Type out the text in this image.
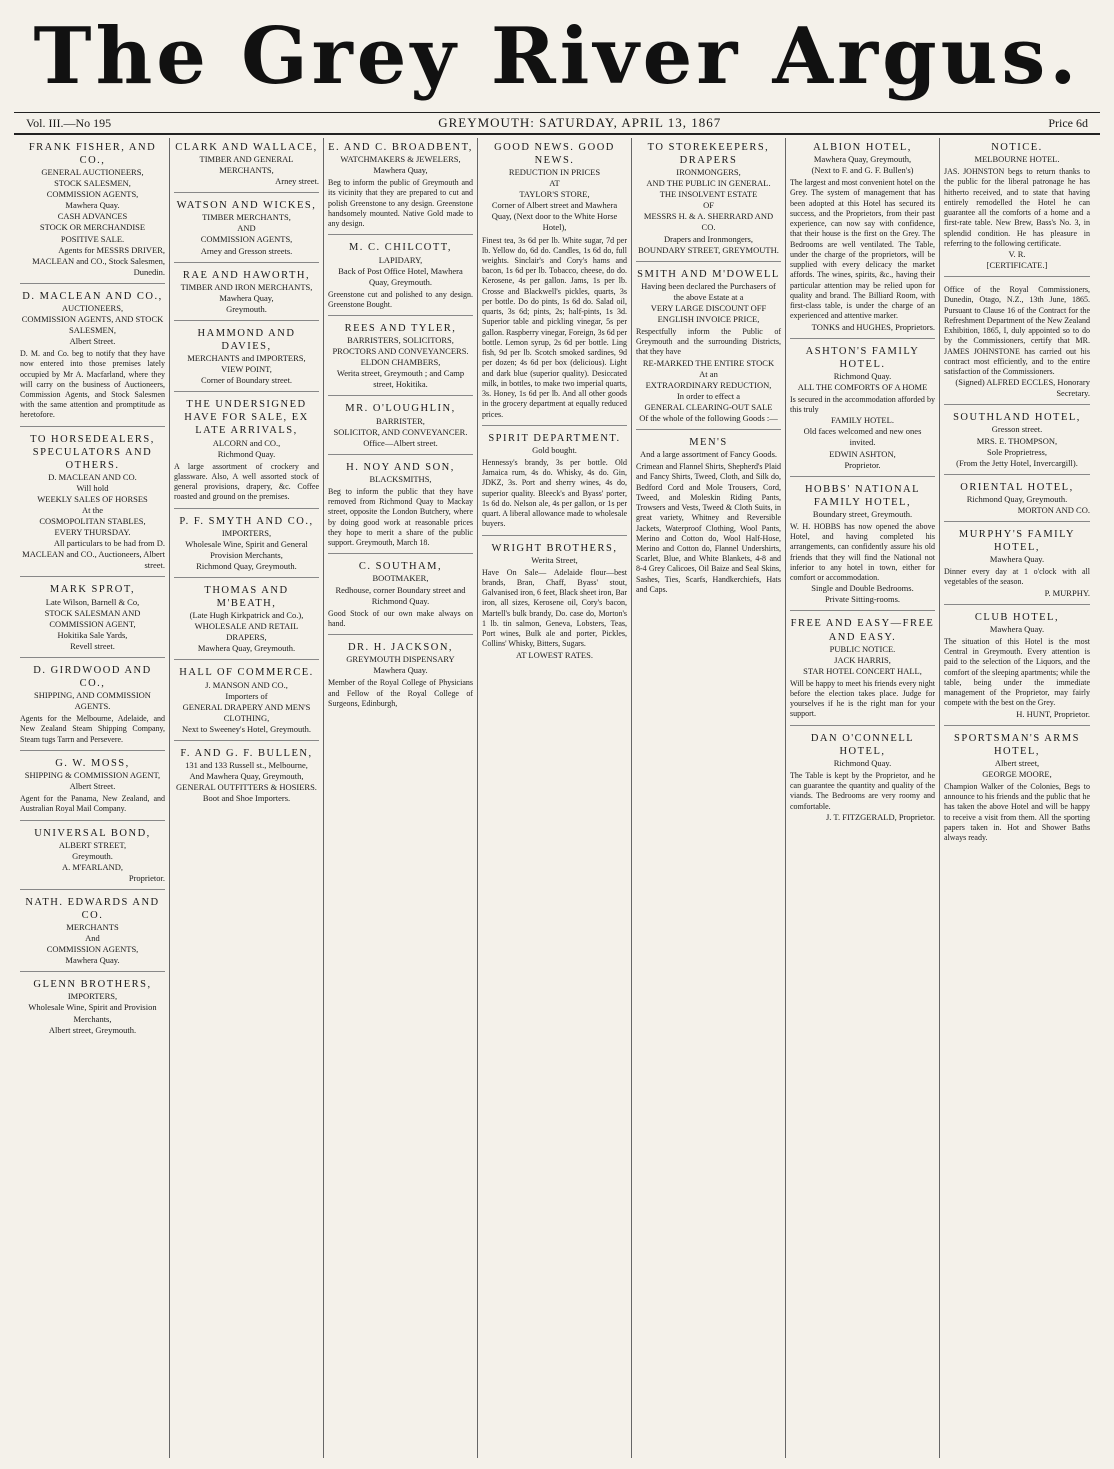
The Grey River Argus.
Vol. III.—No 195	GREYMOUTH: SATURDAY, APRIL 13, 1867	Price 6d
FRANK FISHER, AND CO.,
GENERAL AUCTIONEERS,
STOCK SALESMEN,
COMMISSION AGENTS,
Mawhera Quay.
CASH ADVANCES
STOCK OR MERCHANDISE
POSITIVE SALE.
Agents for MESSRS DRIVER, MACLEAN and CO., Stock Salesmen, Dunedin.
D. MACLEAN AND CO.,
AUCTIONEERS,
COMMISSION AGENTS, AND STOCK SALESMEN,
Albert Street.
D. M. and Co. beg to notify that they have now entered into those premises lately occupied by Mr A. Macfarland, where they will carry on the business of Auctioneers, Commission Agents, and Stock Salesmen with the same attention and promptitude as heretofore.
TO HORSEDEALERS, SPECULATORS AND OTHERS.
D. MACLEAN AND CO.
Will hold
WEEKLY SALES OF HORSES
At the
COSMOPOLITAN STABLES,
EVERY THURSDAY.
All particulars to be had from D. MACLEAN and CO., Auctioneers, Albert street.
MARK SPROT,
Late Wilson, Barnell & Co,
STOCK SALESMAN AND COMMISSION AGENT,
Hokitika Sale Yards,
Revell street.
D. GIRDWOOD AND CO.,
SHIPPING, AND COMMISSION AGENTS.
Agents for the Melbourne, Adelaide, and New Zealand Steam Shipping Company, Steam tugs Tarrn and Persevere.
G. W. MOSS,
SHIPPING & COMMISSION AGENT,
Albert Street.
Agent for the Panama, New Zealand, and Australian Royal Mail Company.
UNIVERSAL BOND,
ALBERT STREET,
Greymouth.
A. M'FARLAND,
Proprietor.
NATH. EDWARDS AND CO.
MERCHANTS
And
COMMISSION AGENTS,
Mawhera Quay.
GLENN BROTHERS,
IMPORTERS,
Wholesale Wine, Spirit and Provision Merchants,
Albert street, Greymouth.
CLARK AND WALLACE,
TIMBER AND GENERAL MERCHANTS,
Arney street.
WATSON AND WICKES,
TIMBER MERCHANTS,
AND
COMMISSION AGENTS,
Arney and Gresson streets.
RAE AND HAWORTH,
TIMBER AND IRON MERCHANTS,
Mawhera Quay,
Greymouth.
HAMMOND AND DAVIES,
MERCHANTS and IMPORTERS,
VIEW POINT,
Corner of Boundary street.
THE UNDERSIGNED HAVE FOR SALE, EX LATE ARRIVALS,
ALCORN and CO.,
Richmond Quay.
A large assortment of crockery and glassware. Also, A well assorted stock of general provisions, drapery, &c. Coffee roasted and ground on the premises.
P. F. SMYTH AND CO.,
IMPORTERS,
Wholesale Wine, Spirit and General Provision Merchants,
Richmond Quay, Greymouth.
THOMAS AND M'BEATH,
(Late Hugh Kirkpatrick and Co.),
WHOLESALE AND RETAIL DRAPERS,
Mawhera Quay, Greymouth.
HALL OF COMMERCE.
J. MANSON AND CO.,
Importers of
GENERAL DRAPERY AND MEN'S CLOTHING,
Next to Sweeney's Hotel, Greymouth.
F. AND G. F. BULLEN,
131 and 133 Russell st., Melbourne,
And Mawhera Quay, Greymouth,
GENERAL OUTFITTERS & HOSIERS.
Boot and Shoe Importers.
E. AND C. BROADBENT,
WATCHMAKERS & JEWELERS,
Mawhera Quay,
Beg to inform the public of Greymouth and its vicinity that they are prepared to cut and polish Greenstone to any design. Greenstone handsomely mounted. Native Gold made to any design.
M. C. CHILCOTT,
LAPIDARY,
Back of Post Office Hotel, Mawhera Quay, Greymouth.
Greenstone cut and polished to any design. Greenstone Bought.
REES AND TYLER,
BARRISTERS, SOLICITORS, PROCTORS AND CONVEYANCERS.
ELDON CHAMBERS,
Werita street, Greymouth ; and Camp street, Hokitika.
MR. O'LOUGHLIN,
BARRISTER,
SOLICITOR, AND CONVEYANCER.
Office—Albert street.
H. NOY AND SON,
BLACKSMITHS,
Beg to inform the public that they have removed from Richmond Quay to Mackay street, opposite the London Butchery, where by doing good work at reasonable prices they hope to merit a share of the public support. Greymouth, March 18.
C. SOUTHAM,
BOOTMAKER,
Redhouse, corner Boundary street and Richmond Quay.
Good Stock of our own make always on hand.
DR. H. JACKSON,
GREYMOUTH DISPENSARY
Mawhera Quay.
Member of the Royal College of Physicians and Fellow of the Royal College of Surgeons, Edinburgh,
GOOD NEWS. GOOD NEWS.
REDUCTION IN PRICES
AT
TAYLOR'S STORE,
Corner of Albert street and Mawhera Quay, (Next door to the White Horse Hotel),
Finest tea, 3s 6d per lb. White sugar, 7d per lb. Yellow do, 6d do. Candles, 1s 6d do, full weights. Sinclair's and Cory's hams and bacon, 1s 6d per lb. Tobacco, cheese, do do. Kerosene, 4s per gallon. Jams, 1s per lb. Crosse and Blackwell's pickles, quarts, 3s per bottle. Do do pints, 1s 6d do. Salad oil, quarts, 3s 6d; pints, 2s; half-pints, 1s 3d. Superior table and pickling vinegar, 5s per gallon. Raspberry vinegar, Foreign, 3s 6d per bottle. Lemon syrup, 2s 6d per bottle. Ling fish, 9d per lb. Scotch smoked sardines, 9d per dozen; 4s 6d per box (delicious). Light and dark blue (superior quality). Desiccated milk, in bottles, to make two imperial quarts, 3s. Honey, 1s 6d per lb. And all other goods in the grocery department at equally reduced prices.
SPIRIT DEPARTMENT.
Gold bought.
Hennessy's brandy, 3s per bottle. Old Jamaica rum, 4s do. Whisky, 4s do. Gin, JDKZ, 3s. Port and sherry wines, 4s do, superior quality. Bleeck's and Byass' porter, 1s 6d do. Nelson ale, 4s per gallon, or 1s per quart. A liberal allowance made to wholesale buyers.
WRIGHT BROTHERS,
Werita Street,
Have On Sale— Adelaide flour—best brands, Bran, Chaff, Byass' stout, Galvanised iron, 6 feet, Black sheet iron, Bar iron, all sizes, Kerosene oil, Cory's bacon, Martell's bulk brandy, Do. case do, Morton's 1 lb. tin salmon, Geneva, Lobsters, Teas, Port wines, Bulk ale and porter, Pickles, Collins' Whisky, Bitters, Sugars.
AT LOWEST RATES.
TO STOREKEEPERS, DRAPERS
IRONMONGERS,
AND THE PUBLIC IN GENERAL.
THE INSOLVENT ESTATE
OF
MESSRS H. & A. SHERRARD AND CO.
Drapers and Ironmongers,
BOUNDARY STREET, GREYMOUTH.
SMITH AND M'DOWELL
Having been declared the Purchasers of the above Estate at a
VERY LARGE DISCOUNT OFF
ENGLISH INVOICE PRICE,
Respectfully inform the Public of Greymouth and the surrounding Districts, that they have
RE-MARKED THE ENTIRE STOCK
At an
EXTRAORDINARY REDUCTION,
In order to effect a
GENERAL CLEARING-OUT SALE
Of the whole of the following Goods :—
MEN'S
And a large assortment of Fancy Goods.
Crimean and Flannel Shirts, Shepherd's Plaid and Fancy Shirts, Tweed, Cloth, and Silk do, Bedford Cord and Mole Trousers, Cord, Tweed, and Moleskin Riding Pants, Trowsers and Vests, Tweed & Cloth Suits, in great variety, Whitney and Reversible Jackets, Waterproof Clothing, Wool Pants, Merino and Cotton do, Wool Half-Hose, Merino and Cotton do, Flannel Undershirts, Scarlet, Blue, and White Blankets, 4-8 and 8-4 Grey Calicoes, Oil Baize and Seal Skins, Sashes, Ties, Scarfs, Handkerchiefs, Hats and Caps.
ALBION HOTEL,
Mawhera Quay, Greymouth,
(Next to F. and G. F. Bullen's)
The largest and most convenient hotel on the Grey. The system of management that has been adopted at this Hotel has secured its success, and the Proprietors, from their past experience, can now say with confidence, that their house is the first on the Grey. The Bedrooms are well ventilated. The Table, under the charge of the proprietors, will be supplied with every delicacy the market affords. The wines, spirits, &c., having their particular attention may be relied upon for quality and brand. The Billiard Room, with first-class table, is under the charge of an experienced and attentive marker.
TONKS and HUGHES, Proprietors.
ASHTON'S FAMILY HOTEL.
Richmond Quay.
ALL THE COMFORTS OF A HOME
Is secured in the accommodation afforded by this truly
FAMILY HOTEL.
Old faces welcomed and new ones invited.
EDWIN ASHTON,
Proprietor.
HOBBS' NATIONAL FAMILY HOTEL,
Boundary street, Greymouth.
W. H. HOBBS has now opened the above Hotel, and having completed his arrangements, can confidently assure his old friends that they will find the National not inferior to any hotel in town, either for comfort or accommodation.
Single and Double Bedrooms.
Private Sitting-rooms.
FREE AND EASY—FREE AND EASY.
PUBLIC NOTICE.
JACK HARRIS,
STAR HOTEL CONCERT HALL,
Will be happy to meet his friends every night before the election takes place. Judge for yourselves if he is the right man for your support.
DAN O'CONNELL HOTEL,
Richmond Quay.
The Table is kept by the Proprietor, and he can guarantee the quantity and quality of the viands. The Bedrooms are very roomy and comfortable.
J. T. FITZGERALD, Proprietor.
NOTICE.
MELBOURNE HOTEL.
JAS. JOHNSTON begs to return thanks to the public for the liberal patronage he has hitherto received, and to state that having entirely remodelled the Hotel he can guarantee all the comforts of a home and a first-rate table. New Brew, Bass's No. 3, in splendid condition. He has pleasure in referring to the following certificate.
V. R.
[CERTIFICATE.]
Office of the Royal Commissioners, Dunedin, Otago, N.Z., 13th June, 1865. Pursuant to Clause 16 of the Contract for the Refreshment Department of the New Zealand Exhibition, 1865, I, duly appointed so to do by the Commissioners, certify that MR. JAMES JOHNSTONE has carried out his contract most efficiently, and to the entire satisfaction of the Commissioners.
(Signed) ALFRED ECCLES, Honorary Secretary.
SOUTHLAND HOTEL,
Gresson street.
MRS. E. THOMPSON,
Sole Proprietress,
(From the Jetty Hotel, Invercargill).
ORIENTAL HOTEL,
Richmond Quay, Greymouth.
MORTON AND CO.
MURPHY'S FAMILY HOTEL,
Mawhera Quay.
Dinner every day at 1 o'clock with all vegetables of the season.
P. MURPHY.
CLUB HOTEL,
Mawhera Quay.
The situation of this Hotel is the most Central in Greymouth. Every attention is paid to the selection of the Liquors, and the comfort of the sleeping apartments; while the table, being under the immediate management of the Proprietor, may fairly compete with the best on the Grey.
H. HUNT, Proprietor.
SPORTSMAN'S ARMS HOTEL,
Albert street,
GEORGE MOORE,
Champion Walker of the Colonies, Begs to announce to his friends and the public that he has taken the above Hotel and will be happy to receive a visit from them. All the sporting papers taken in. Hot and Shower Baths always ready.
